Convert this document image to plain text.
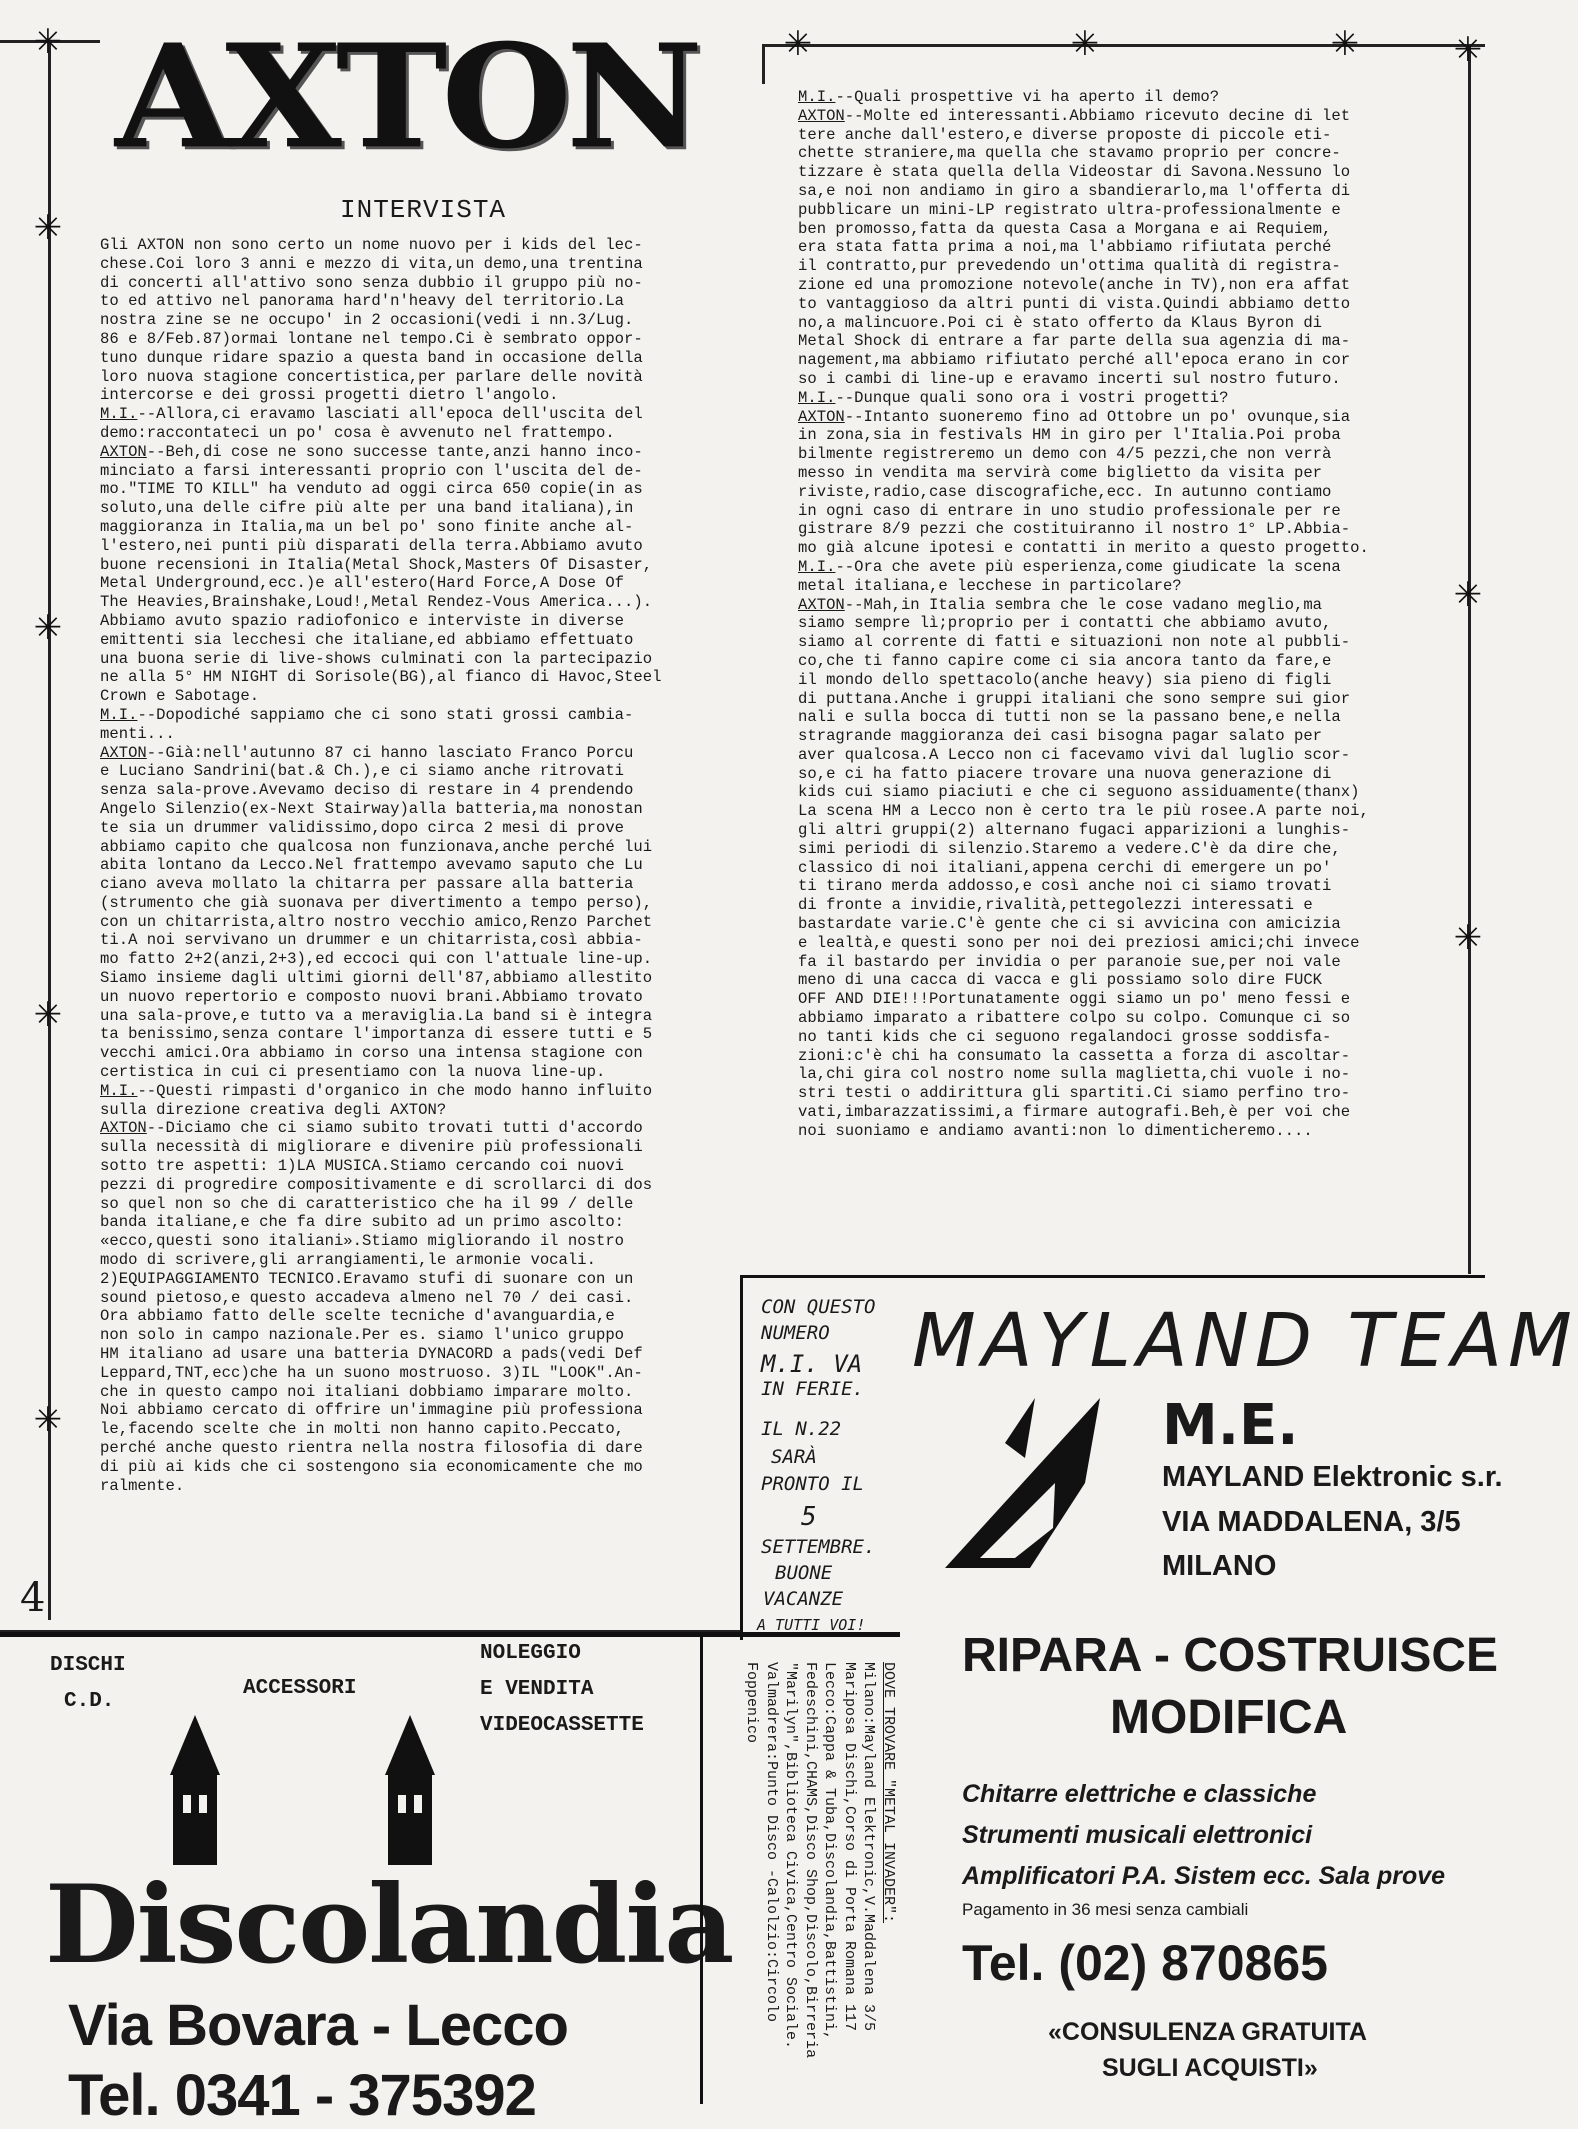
✳
✳
✳
✳
✳
✳	✳	✳	✳
✳
✳
AXTON
INTERVISTA

Gli AXTON non sono certo un nome nuovo per i kids del lec-
chese.Coi loro 3 anni e mezzo di vita,un demo,una trentina
di concerti all'attivo sono senza dubbio il gruppo più no-
to ed attivo nel panorama hard'n'heavy del territorio.La
nostra zine se ne occupo' in 2 occasioni(vedi i nn.3/Lug.
86 e 8/Feb.87)ormai lontane nel tempo.Ci è sembrato oppor-
tuno dunque ridare spazio a questa band in occasione della
loro nuova stagione concertistica,per parlare delle novità
intercorse e dei grossi progetti dietro l'angolo.

M.I.--Allora,ci eravamo lasciati all'epoca dell'uscita del
demo:raccontateci un po' cosa è avvenuto nel frattempo.

AXTON--Beh,di cose ne sono successe tante,anzi hanno inco-
minciato a farsi interessanti proprio con l'uscita del de-
mo."TIME TO KILL" ha venduto ad oggi circa 650 copie(in as
soluto,una delle cifre più alte per una band italiana),in
maggioranza in Italia,ma un bel po' sono finite anche al-
l'estero,nei punti più disparati della terra.Abbiamo avuto
buone recensioni in Italia(Metal Shock,Masters Of Disaster,
Metal Underground,ecc.)e all'estero(Hard Force,A Dose Of
The Heavies,Brainshake,Loud!,Metal Rendez-Vous America...).
Abbiamo avuto spazio radiofonico e interviste in diverse
emittenti sia lecchesi che italiane,ed abbiamo effettuato
una buona serie di live-shows culminati con la partecipazio
ne alla 5° HM NIGHT di Sorisole(BG),al fianco di Havoc,Steel
Crown e Sabotage.

M.I.--Dopodiché sappiamo che ci sono stati grossi cambia-
menti...

AXTON--Già:nell'autunno 87 ci hanno lasciato Franco Porcu
e Luciano Sandrini(bat.& Ch.),e ci siamo anche ritrovati
senza sala-prove.Avevamo deciso di restare in 4 prendendo
Angelo Silenzio(ex-Next Stairway)alla batteria,ma nonostan
te sia un drummer validissimo,dopo circa 2 mesi di prove
abbiamo capito che qualcosa non funzionava,anche perché lui
abita lontano da Lecco.Nel frattempo avevamo saputo che Lu
ciano aveva mollato la chitarra per passare alla batteria
(strumento che già suonava per divertimento a tempo perso),
con un chitarrista,altro nostro vecchio amico,Renzo Parchet
ti.A noi servivano un drummer e un chitarrista,così abbia-
mo fatto 2+2(anzi,2+3),ed eccoci qui con l'attuale line-up.
Siamo insieme dagli ultimi giorni dell'87,abbiamo allestito
un nuovo repertorio e composto nuovi brani.Abbiamo trovato
una sala-prove,e tutto va a meraviglia.La band si è integra
ta benissimo,senza contare l'importanza di essere tutti e 5
vecchi amici.Ora abbiamo in corso una intensa stagione con
certistica in cui ci presentiamo con la nuova line-up.

M.I.--Questi rimpasti d'organico in che modo hanno influito
sulla direzione creativa degli AXTON?

AXTON--Diciamo che ci siamo subito trovati tutti d'accordo
sulla necessità di migliorare e divenire più professionali
sotto tre aspetti: 1)LA MUSICA.Stiamo cercando coi nuovi
pezzi di progredire compositivamente e di scrollarci di dos
so quel non so che di caratteristico che ha il 99 / delle
banda italiane,e che fa dire subito ad un primo ascolto:
«ecco,questi sono italiani».Stiamo migliorando il nostro
modo di scrivere,gli arrangiamenti,le armonie vocali.
2)EQUIPAGGIAMENTO TECNICO.Eravamo stufi di suonare con un
sound pietoso,e questo accadeva almeno nel 70 / dei casi.
Ora abbiamo fatto delle scelte tecniche d'avanguardia,e
non solo in campo nazionale.Per es. siamo l'unico gruppo
HM italiano ad usare una batteria DYNACORD a pads(vedi Def
Leppard,TNT,ecc)che ha un suono mostruoso. 3)IL "LOOK".An-
che in questo campo noi italiani dobbiamo imparare molto.
Noi abbiamo cercato di offrire un'immagine più professiona
le,facendo scelte che in molti non hanno capito.Peccato,
perché anche questo rientra nella nostra filosofia di dare
di più ai kids che ci sostengono sia economicamente che mo
ralmente.

M.I.--Quali prospettive vi ha aperto il demo?

AXTON--Molte ed interessanti.Abbiamo ricevuto decine di let
tere anche dall'estero,e diverse proposte di piccole eti-
chette straniere,ma quella che stavamo proprio per concre-
tizzare è stata quella della Videostar di Savona.Nessuno lo
sa,e noi non andiamo in giro a sbandierarlo,ma l'offerta di
pubblicare un mini-LP registrato ultra-professionalmente e
ben promosso,fatta da questa Casa a Morgana e ai Requiem,
era stata fatta prima a noi,ma l'abbiamo rifiutata perché
il contratto,pur prevedendo un'ottima qualità di registra-
zione ed una promozione notevole(anche in TV),non era affat
to vantaggioso da altri punti di vista.Quindi abbiamo detto
no,a malincuore.Poi ci è stato offerto da Klaus Byron di
Metal Shock di entrare a far parte della sua agenzia di ma-
nagement,ma abbiamo rifiutato perché all'epoca erano in cor
so i cambi di line-up e eravamo incerti sul nostro futuro.

M.I.--Dunque quali sono ora i vostri progetti?

AXTON--Intanto suoneremo fino ad Ottobre un po' ovunque,sia
in zona,sia in festivals HM in giro per l'Italia.Poi proba
bilmente registreremo un demo con 4/5 pezzi,che non verrà
messo in vendita ma servirà come biglietto da visita per
riviste,radio,case discografiche,ecc. In autunno contiamo
in ogni caso di entrare in uno studio professionale per re
gistrare 8/9 pezzi che costituiranno il nostro 1° LP.Abbia-
mo già alcune ipotesi e contatti in merito a questo progetto.

M.I.--Ora che avete più esperienza,come giudicate la scena
metal italiana,e lecchese in particolare?

AXTON--Mah,in Italia sembra che le cose vadano meglio,ma
siamo sempre lì;proprio per i contatti che abbiamo avuto,
siamo al corrente di fatti e situazioni non note al pubbli-
co,che ti fanno capire come ci sia ancora tanto da fare,e
il mondo dello spettacolo(anche heavy) sia pieno di figli
di puttana.Anche i gruppi italiani che sono sempre sui gior
nali e sulla bocca di tutti non se la passano bene,e nella
stragrande maggioranza dei casi bisogna pagar salato per
aver qualcosa.A Lecco non ci facevamo vivi dal luglio scor-
so,e ci ha fatto piacere trovare una nuova generazione di
kids cui siamo piaciuti e che ci seguono assiduamente(thanx)
La scena HM a Lecco non è certo tra le più rosee.A parte noi,
gli altri gruppi(2) alternano fugaci apparizioni a lunghis-
simi periodi di silenzio.Staremo a vedere.C'è da dire che,
classico di noi italiani,appena cerchi di emergere un po'
ti tirano merda addosso,e così anche noi ci siamo trovati
di fronte a invidie,rivalità,pettegolezzi interessati e
bastardate varie.C'è gente che ci si avvicina con amicizia
e lealtà,e questi sono per noi dei preziosi amici;chi invece
fa il bastardo per invidia o per paranoie sue,per noi vale
meno di una cacca di vacca e gli possiamo solo dire FUCK
OFF AND DIE!!!Portunatamente oggi siamo un po' meno fessi e
abbiamo imparato a ribattere colpo su colpo. Comunque ci so
no tanti kids che ci seguono regalandoci grosse soddisfa-
zioni:c'è chi ha consumato la cassetta a forza di ascoltar-
la,chi gira col nostro nome sulla maglietta,chi vuole i no-
stri testi o addirittura gli spartiti.Ci siamo perfino tro-
vati,imbarazzatissimi,a firmare autografi.Beh,è per voi che
noi suoniamo e andiamo avanti:non lo dimenticheremo....

4
CON QUESTO
NUMERO
M.I. VA
IN FERIE.
IL N.22
SARÀ
PRONTO IL
5
SETTEMBRE.
BUONE
VACANZE
A TUTTI VOI!
MAYLAND TEAM
M.E.
MAYLAND Elektronic s.r.
VIA MADDALENA, 3/5
MILANO
RIPARA - COSTRUISCE
MODIFICA
Chitarre elettriche e classiche
Strumenti musicali elettronici
Amplificatori P.A. Sistem ecc. Sala prove
Pagamento in 36 mesi senza cambiali
Tel. (02) 870865
«CONSULENZA GRATUITA
SUGLI ACQUISTI»
DISCHI
C.D.
ACCESSORI
NOLEGGIO
E VENDITA
VIDEOCASSETTE
Discolandia
Via Bovara - Lecco
Tel. 0341 - 375392
DOVE TROVARE "METAL INVADER":
Milano:Mayland Elektronic,V.Maddalena 3/5
Mariposa Dischi,Corso di Porta Romana 117
Lecco:Cappa & Tuba,Discolandia,Battistini,
Fedeschini,CHAMS,Disco Shop,Discolo,Birreria
"Marilyn",Biblioteca Civica,Centro Sociale.
Valmadrera:Punto Disco -Calolzio:Circolo Foppenico
